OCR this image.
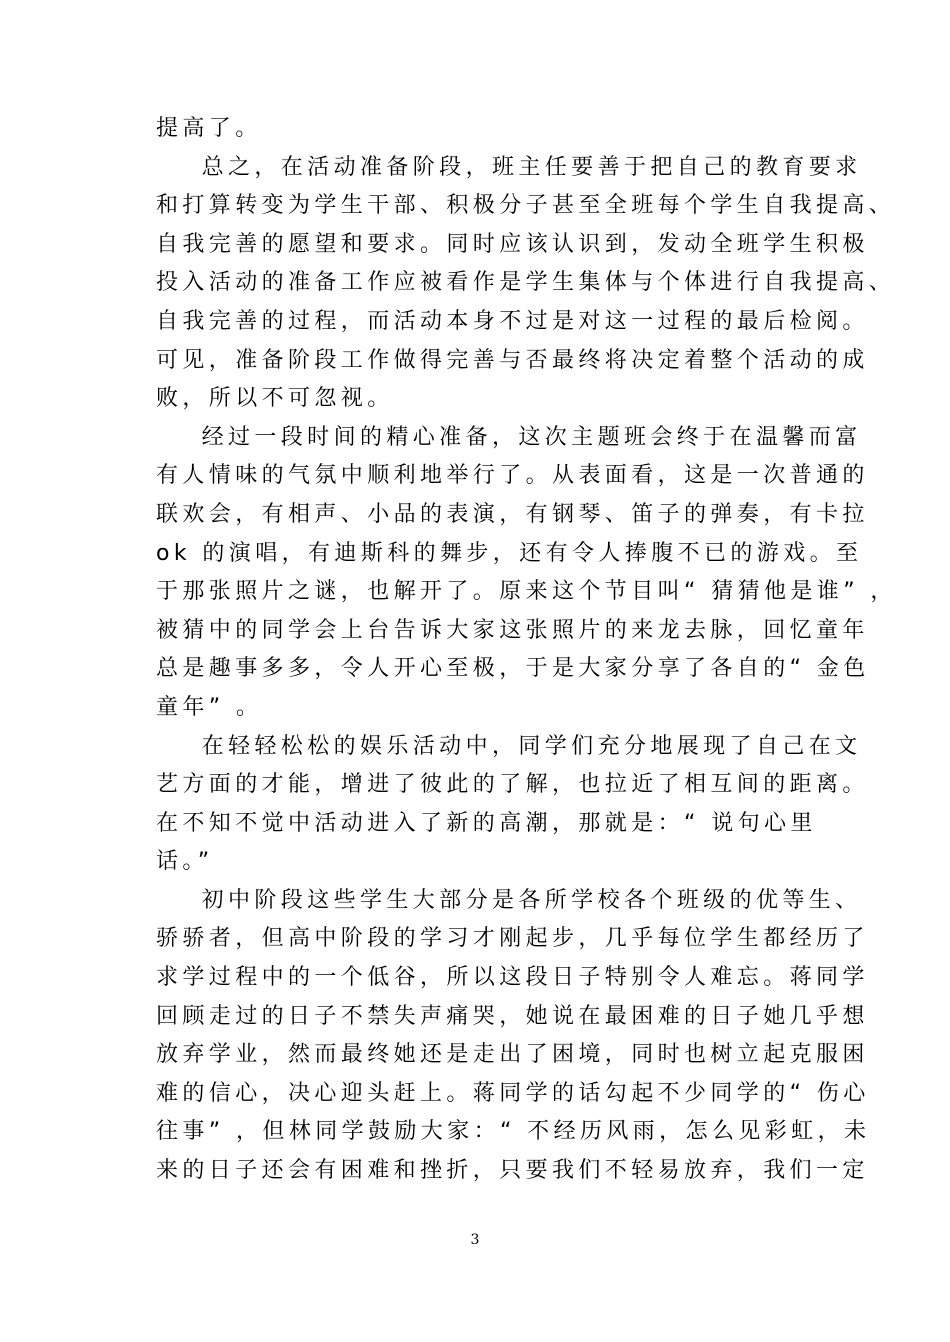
提高了。
总之，在活动准备阶段，班主任要善于把自己的教育要求
和打算转变为学生干部、积极分子甚至全班每个学生自我提高、
自我完善的愿望和要求。同时应该认识到，发动全班学生积极
投入活动的准备工作应被看作是学生集体与个体进行自我提高、
自我完善的过程，而活动本身不过是对这一过程的最后检阅。
可见，准备阶段工作做得完善与否最终将决定着整个活动的成
败，所以不可忽视。
经过一段时间的精心准备，这次主题班会终于在温馨而富
有人情味的气氛中顺利地举行了。从表面看，这是一次普通的
联欢会，有相声、小品的表演，有钢琴、笛子的弹奏，有卡拉
ok 的演唱，有迪斯科的舞步，还有令人捧腹不已的游戏。至
于那张照片之谜，也解开了。原来这个节目叫“ 猜猜他是谁” ，
被猜中的同学会上台告诉大家这张照片的来龙去脉，回忆童年
总是趣事多多，令人开心至极，于是大家分享了各自的“ 金色
童年” 。
在轻轻松松的娱乐活动中，同学们充分地展现了自己在文
艺方面的才能，增进了彼此的了解，也拉近了相互间的距离。
在不知不觉中活动进入了新的高潮，那就是：“ 说句心里
话。”
初中阶段这些学生大部分是各所学校各个班级的优等生、
骄骄者，但高中阶段的学习才刚起步，几乎每位学生都经历了
求学过程中的一个低谷，所以这段日子特别令人难忘。蒋同学
回顾走过的日子不禁失声痛哭，她说在最困难的日子她几乎想
放弃学业，然而最终她还是走出了困境，同时也树立起克服困
难的信心，决心迎头赶上。蒋同学的话勾起不少同学的“ 伤心
往事” ，但林同学鼓励大家：“ 不经历风雨，怎么见彩虹，未
来的日子还会有困难和挫折，只要我们不轻易放弃，我们一定
3
